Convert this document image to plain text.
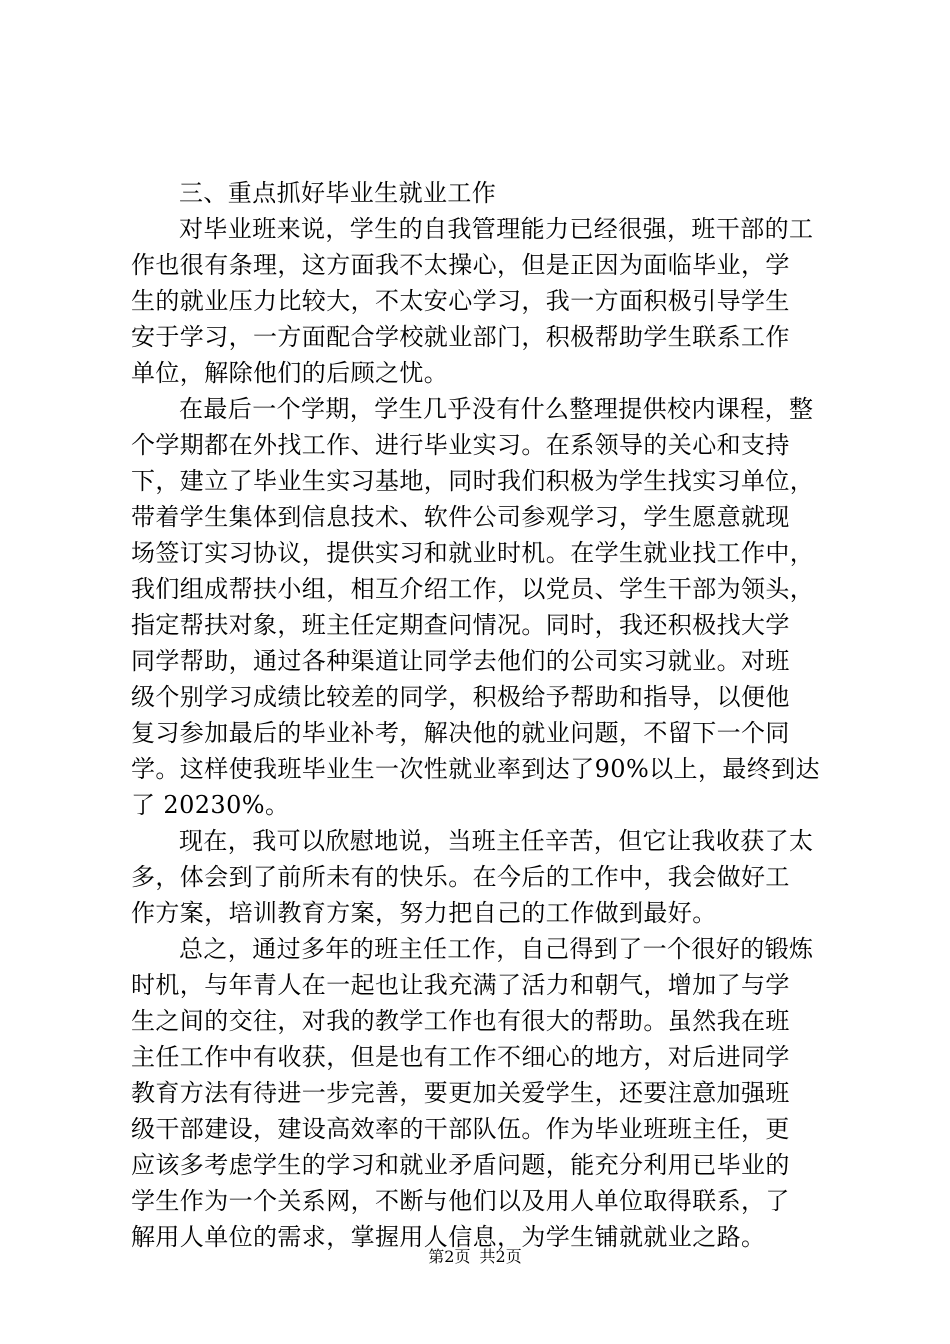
三、重点抓好毕业生就业工作
对毕业班来说，学生的自我管理能力已经很强，班干部的工
作也很有条理，这方面我不太操心，但是正因为面临毕业，学
生的就业压力比较大，不太安心学习，我一方面积极引导学生
安于学习，一方面配合学校就业部门，积极帮助学生联系工作
单位，解除他们的后顾之忧。
在最后一个学期，学生几乎没有什么整理提供校内课程，整
个学期都在外找工作、进行毕业实习。在系领导的关心和支持
下，建立了毕业生实习基地，同时我们积极为学生找实习单位，
带着学生集体到信息技术、软件公司参观学习，学生愿意就现
场签订实习协议，提供实习和就业时机。在学生就业找工作中，
我们组成帮扶小组，相互介绍工作，以党员、学生干部为领头，
指定帮扶对象，班主任定期查问情况。同时，我还积极找大学
同学帮助，通过各种渠道让同学去他们的公司实习就业。对班
级个别学习成绩比较差的同学，积极给予帮助和指导，以便他
复习参加最后的毕业补考，解决他的就业问题，不留下一个同
学。这样使我班毕业生一次性就业率到达了90%以上，最终到达
了 20230%。
现在，我可以欣慰地说，当班主任辛苦，但它让我收获了太
多，体会到了前所未有的快乐。在今后的工作中，我会做好工
作方案，培训教育方案，努力把自己的工作做到最好。
总之，通过多年的班主任工作，自己得到了一个很好的锻炼
时机，与年青人在一起也让我充满了活力和朝气，增加了与学
生之间的交往，对我的教学工作也有很大的帮助。虽然我在班
主任工作中有收获，但是也有工作不细心的地方，对后进同学
教育方法有待进一步完善，要更加关爱学生，还要注意加强班
级干部建设，建设高效率的干部队伍。作为毕业班班主任，更
应该多考虑学生的学习和就业矛盾问题，能充分利用已毕业的
学生作为一个关系网，不断与他们以及用人单位取得联系，了
解用人单位的需求，掌握用人信息，为学生铺就就业之路。
第2页 共2页
